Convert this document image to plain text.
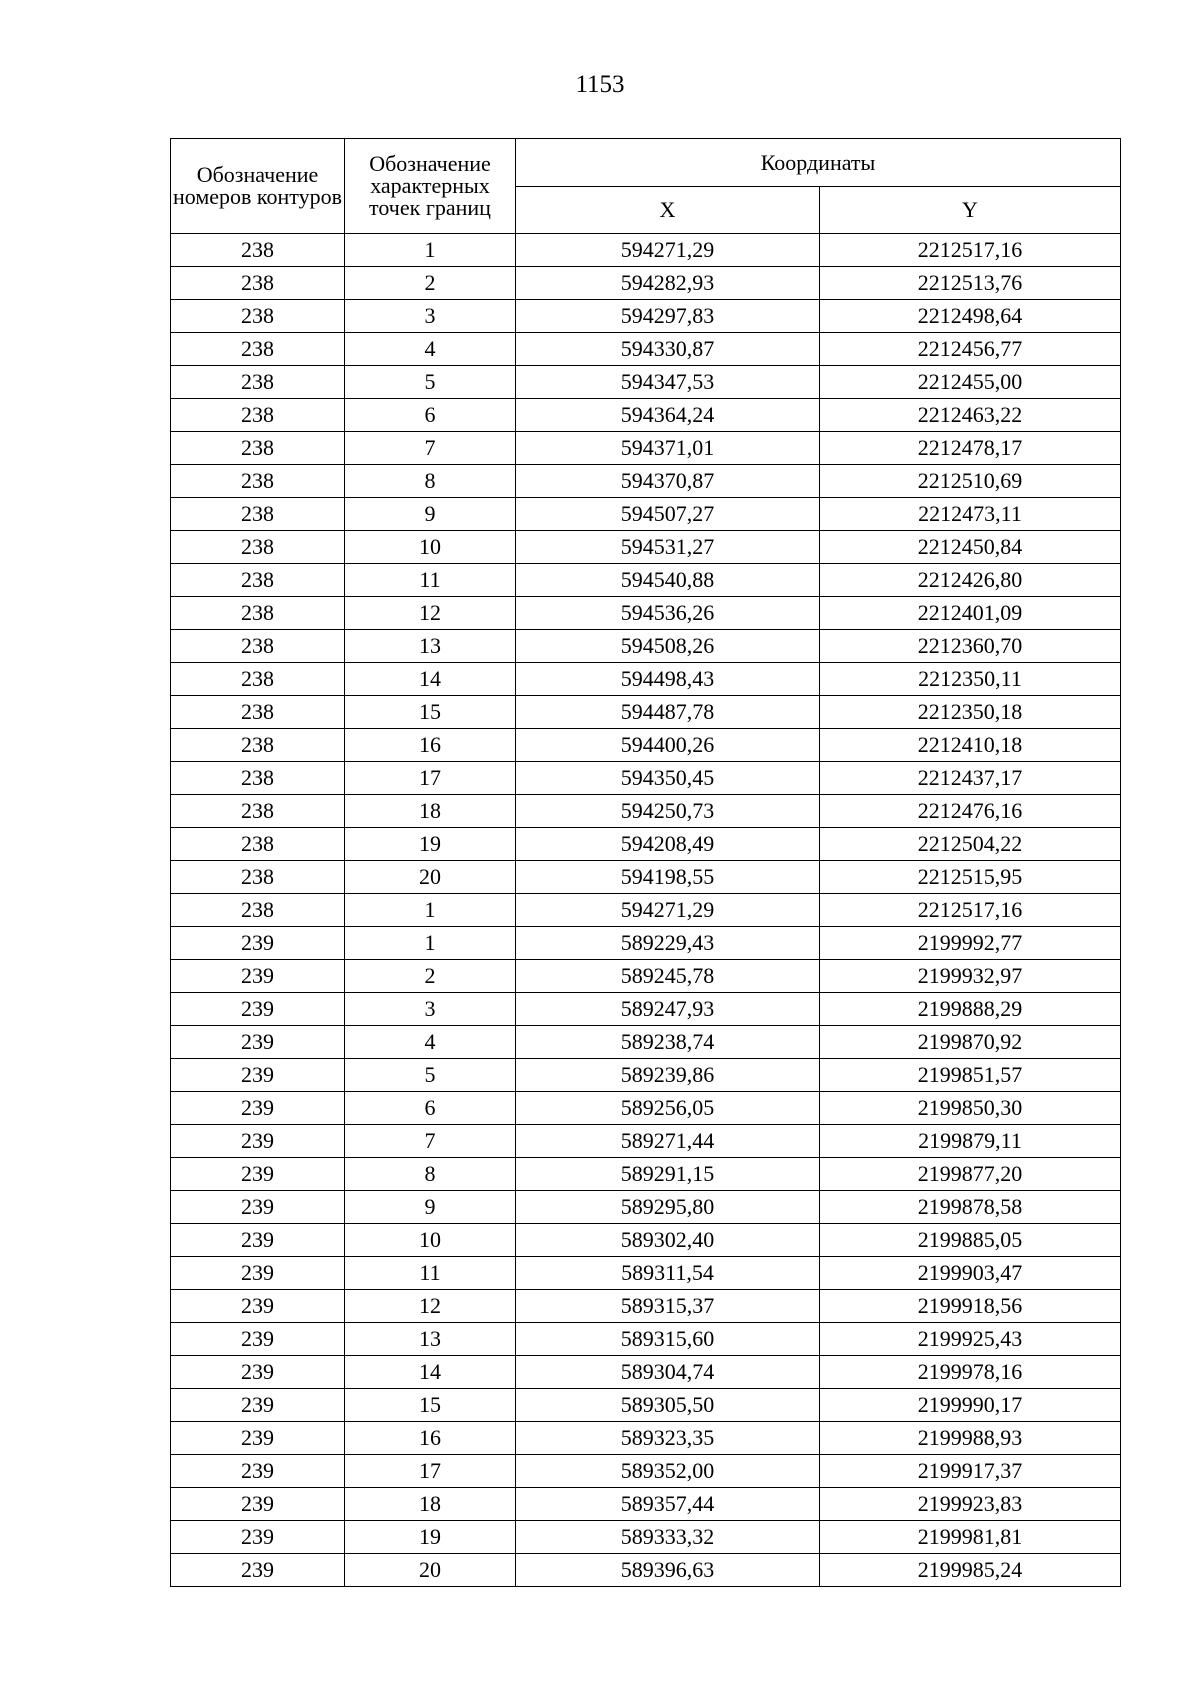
1153
Обозначение номеров контуров	Обозначение характерных точек границ	Координаты	
		X	Y
238	1	594271,29	2212517,16
238	2	594282,93	2212513,76
238	3	594297,83	2212498,64
238	4	594330,87	2212456,77
238	5	594347,53	2212455,00
238	6	594364,24	2212463,22
238	7	594371,01	2212478,17
238	8	594370,87	2212510,69
238	9	594507,27	2212473,11
238	10	594531,27	2212450,84
238	11	594540,88	2212426,80
238	12	594536,26	2212401,09
238	13	594508,26	2212360,70
238	14	594498,43	2212350,11
238	15	594487,78	2212350,18
238	16	594400,26	2212410,18
238	17	594350,45	2212437,17
238	18	594250,73	2212476,16
238	19	594208,49	2212504,22
238	20	594198,55	2212515,95
238	1	594271,29	2212517,16
239	1	589229,43	2199992,77
239	2	589245,78	2199932,97
239	3	589247,93	2199888,29
239	4	589238,74	2199870,92
239	5	589239,86	2199851,57
239	6	589256,05	2199850,30
239	7	589271,44	2199879,11
239	8	589291,15	2199877,20
239	9	589295,80	2199878,58
239	10	589302,40	2199885,05
239	11	589311,54	2199903,47
239	12	589315,37	2199918,56
239	13	589315,60	2199925,43
239	14	589304,74	2199978,16
239	15	589305,50	2199990,17
239	16	589323,35	2199988,93
239	17	589352,00	2199917,37
239	18	589357,44	2199923,83
239	19	589333,32	2199981,81
239	20	589396,63	2199985,24
